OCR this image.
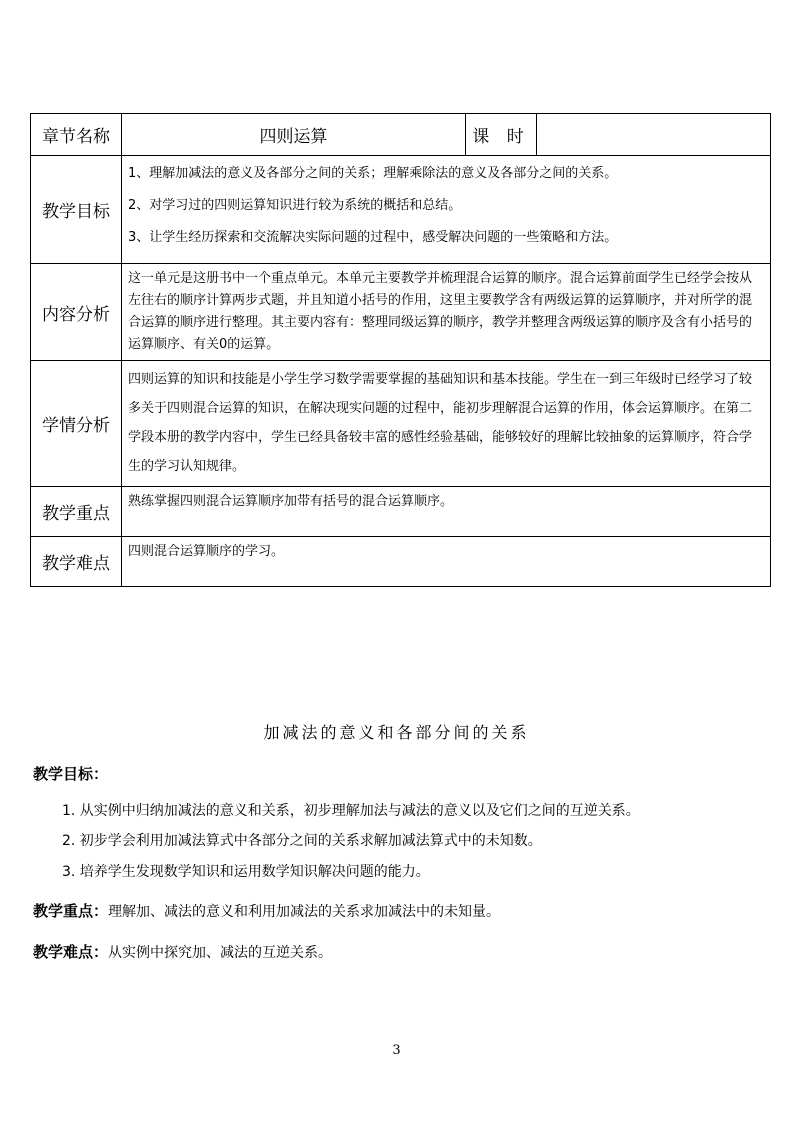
章节名称	四则运算	课 时	
教学目标	1、理解加减法的意义及各部分之间的关系；理解乘除法的意义及各部分之间的关系。
2、对学习过的四则运算知识进行较为系统的概括和总结。
3、让学生经历探索和交流解决实际问题的过程中，感受解决问题的一些策略和方法。		

内容分析	这一单元是这册书中一个重点单元。本单元主要教学并梳理混合运算的顺序。混合运算前面学生已经学会按从左往右的顺序计算两步式题，并且知道小括号的作用，这里主要教学含有两级运算的运算顺序，并对所学的混合运算的顺序进行整理。其主要内容有：整理同级运算的顺序，教学并整理含两级运算的顺序及含有小括号的运算顺序、有关0的运算。		
学情分析	四则运算的知识和技能是小学生学习数学需要掌握的基础知识和基本技能。学生在一到三年级时已经学习了较多关于四则混合运算的知识，在解决现实问题的过程中，能初步理解混合运算的作用，体会运算顺序。在第二学段本册的教学内容中，学生已经具备较丰富的感性经验基础，能够较好的理解比较抽象的运算顺序，符合学生的学习认知规律。		
教学重点	熟练掌握四则混合运算顺序加带有括号的混合运算顺序。		
教学难点	四则混合运算顺序的学习。		
加减法的意义和各部分间的关系
教学目标：
1. 从实例中归纳加减法的意义和关系，初步理解加法与减法的意义以及它们之间的互逆关系。
2. 初步学会利用加减法算式中各部分之间的关系求解加减法算式中的未知数。
3. 培养学生发现数学知识和运用数学知识解决问题的能力。
教学重点：理解加、减法的意义和利用加减法的关系求加减法中的未知量。
教学难点：从实例中探究加、减法的互逆关系。
3
